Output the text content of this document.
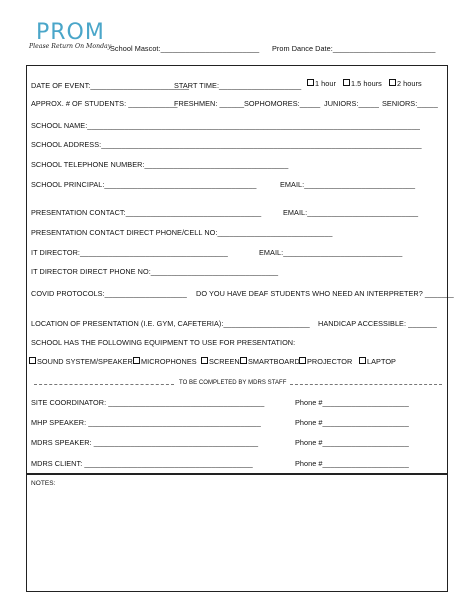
PROM
Please Return On Monday
School Mascot:________________________ Prom Dance Date:_________________________
DATE OF EVENT:________________________
START TIME:____________________	1 hour	1.5 hours	2 hours
APPROX. # OF STUDENTS: ____________
FRESHMEN: ______ SOPHOMORES:_____ JUNIORS:_____ SENIORS:_____
SCHOOL NAME:_________________________________________________________________________________
SCHOOL ADDRESS:______________________________________________________________________________
SCHOOL TELEPHONE NUMBER:___________________________________
SCHOOL PRINCIPAL:_____________________________________	EMAIL:___________________________
PRESENTATION CONTACT:_________________________________	EMAIL:___________________________
PRESENTATION CONTACT DIRECT PHONE/CELL NO:____________________________
IT DIRECTOR:____________________________________	EMAIL:_____________________________
IT DIRECTOR DIRECT PHONE NO:_______________________________
COVID PROTOCOLS:____________________ DO YOU HAVE DEAF STUDENTS WHO NEED AN INTERPRETER? _______
LOCATION OF PRESENTATION (I.E. GYM, CAFETERIA):_____________________ HANDICAP ACCESSIBLE: _______
SCHOOL HAS THE FOLLOWING EQUIPMENT TO USE FOR PRESENTATION:
SOUND SYSTEM/SPEAKER	MICROPHONES	SCREEN	SMARTBOARD PROJECTOR	LAPTOP
TO BE COMPLETED BY MDRS STAFF
SITE COORDINATOR: ______________________________________	Phone #_____________________
MHP SPEAKER: __________________________________________	Phone #_____________________
MDRS SPEAKER: ________________________________________	Phone #_____________________
MDRS CLIENT: _________________________________________	Phone #_____________________
NOTES:
